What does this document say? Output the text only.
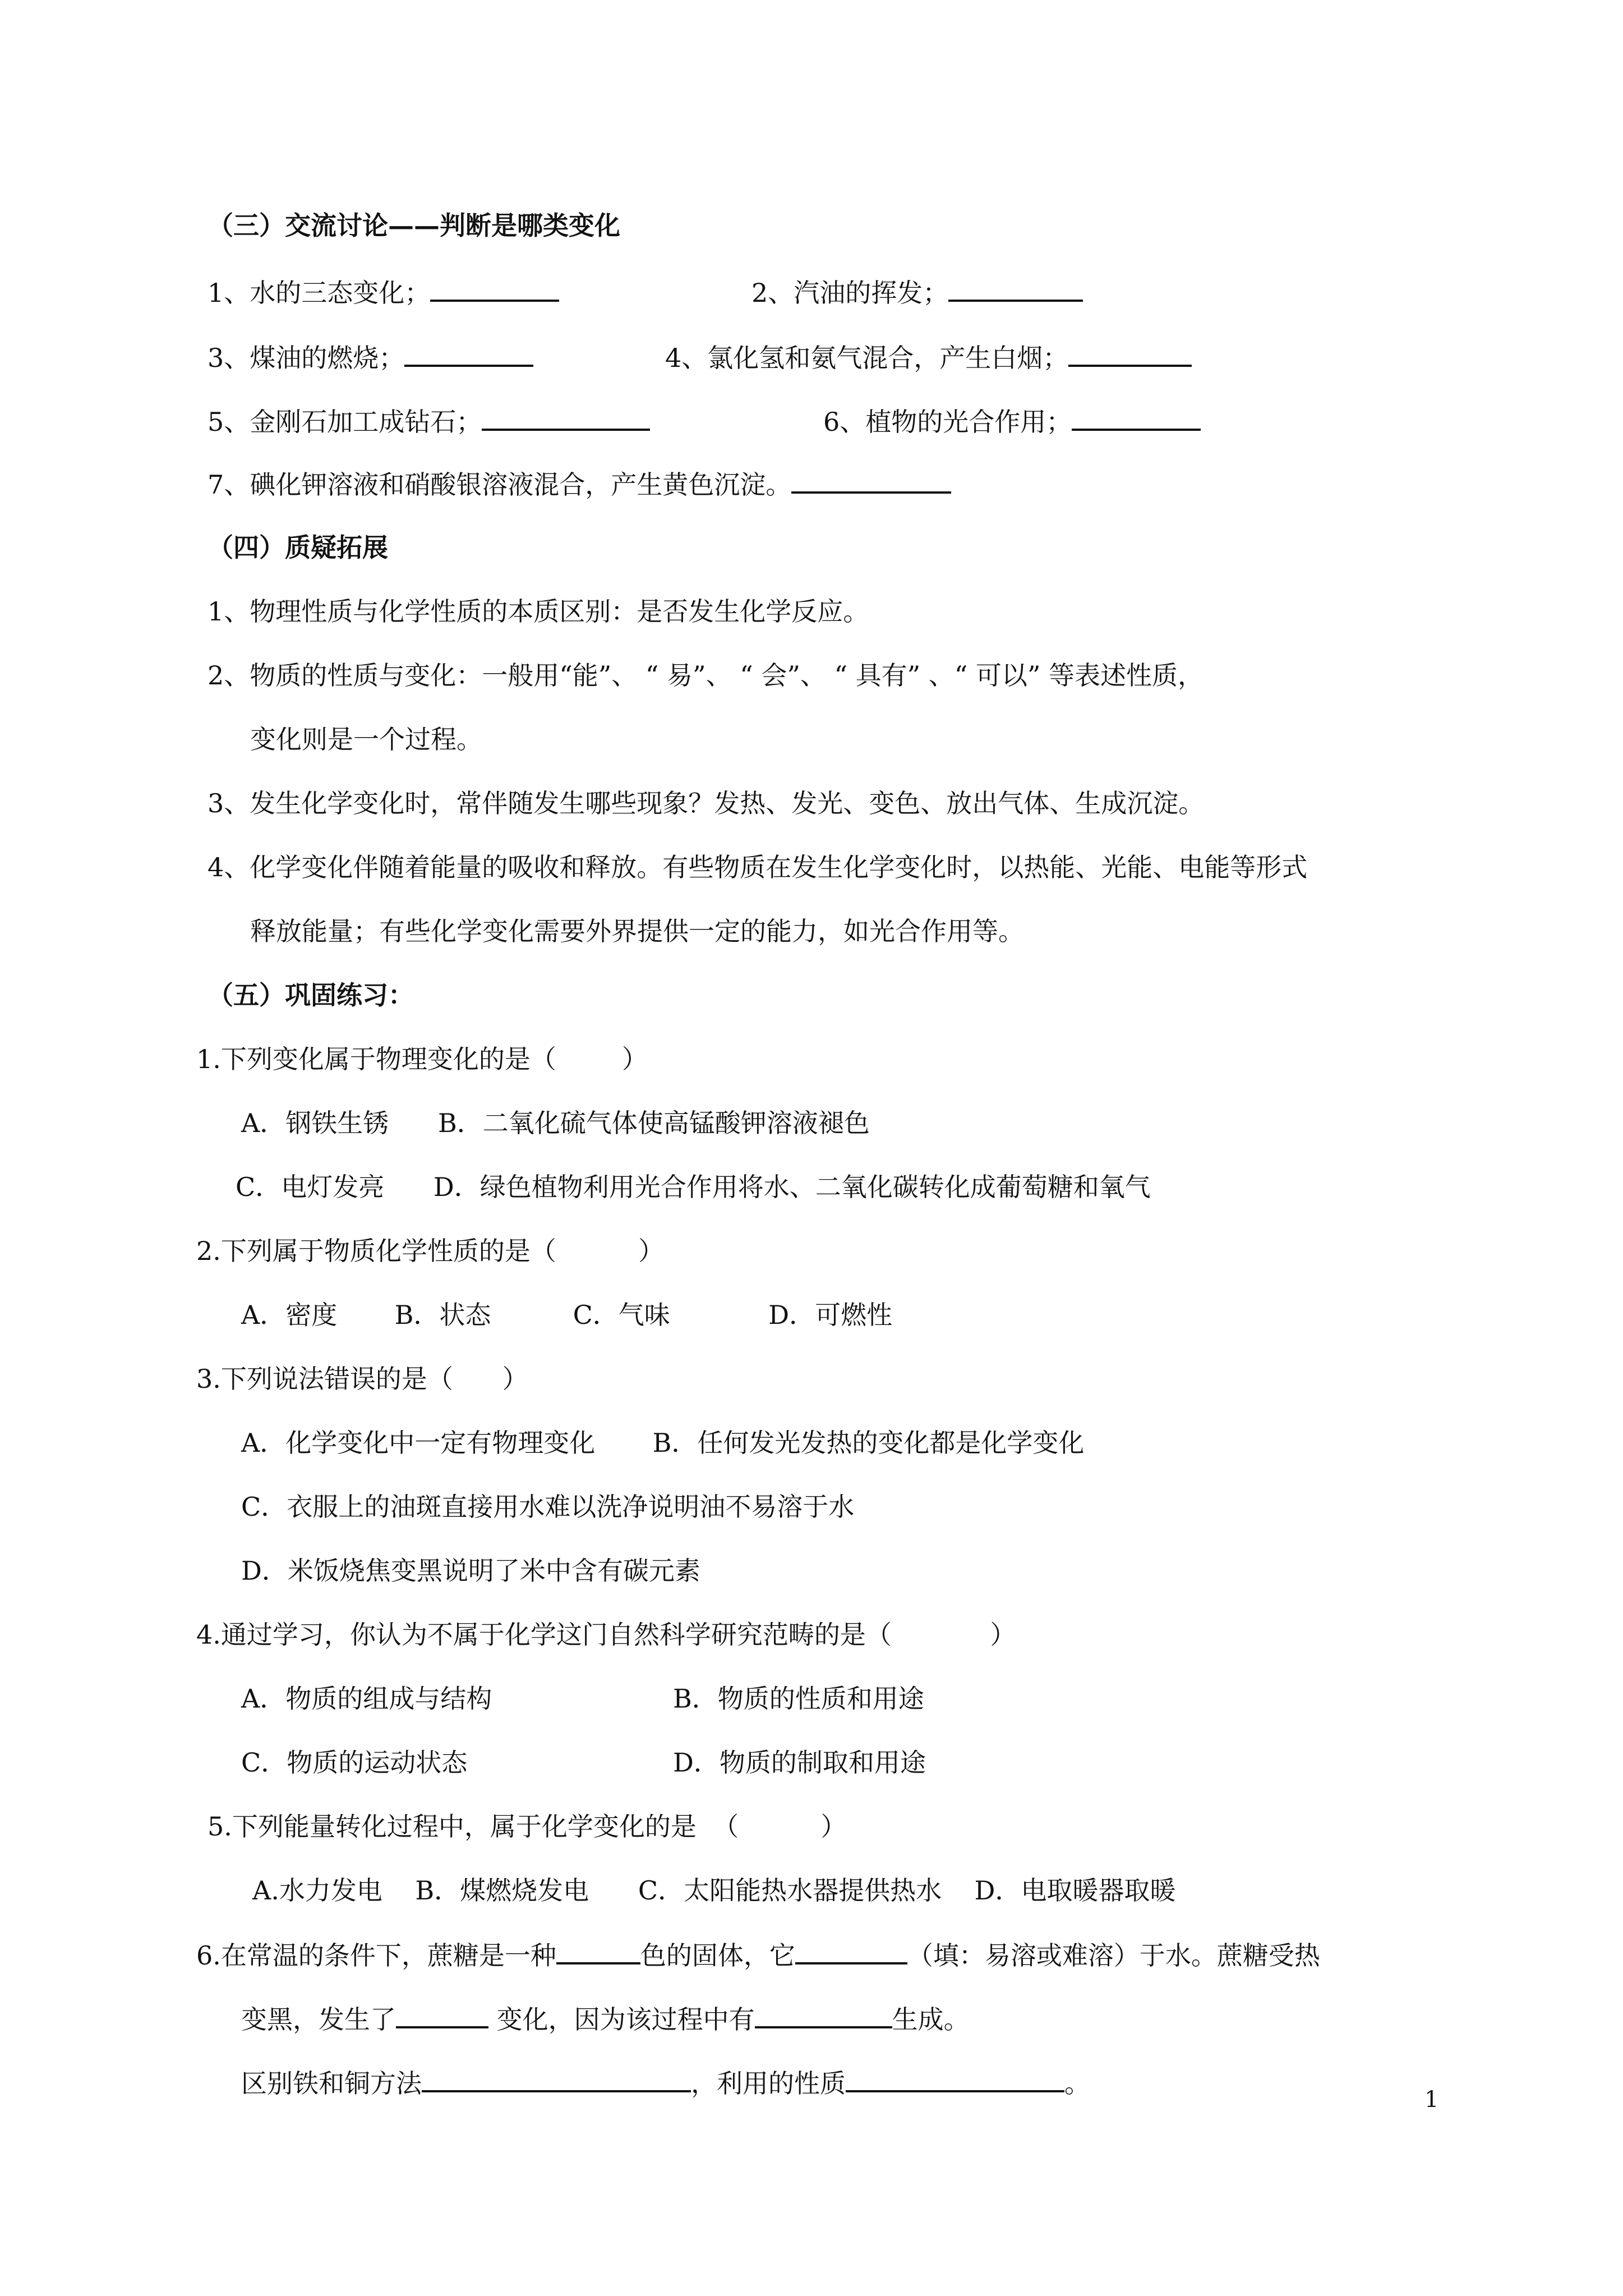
（三）交流讨论——判断是哪类变化
1、水的三态变化；	2、汽油的挥发；
3、煤油的燃烧；	4、氯化氢和氨气混合，产生白烟；
5、金刚石加工成钻石；	6、植物的光合作用；
7、碘化钾溶液和硝酸银溶液混合，产生黄色沉淀。
（四）质疑拓展
1、物理性质与化学性质的本质区别：是否发生化学反应。
2、物质的性质与变化：一般用“能”、 “ 易”、 “ 会”、 “ 具有” 、“ 可以” 等表述性质，
变化则是一个过程。
3、发生化学变化时，常伴随发生哪些现象？发热、发光、变色、放出气体、生成沉淀。
4、化学变化伴随着能量的吸收和释放。有些物质在发生化学变化时，以热能、光能、电能等形式
释放能量；有些化学变化需要外界提供一定的能力，如光合作用等。
（五）巩固练习：
1.下列变化属于物理变化的是（        ）
A．钢铁生锈      B．二氧化硫气体使高锰酸钾溶液褪色
C．电灯发亮      D．绿色植物利用光合作用将水、二氧化碳转化成葡萄糖和氧气
2.下列属于物质化学性质的是（          ）
A．密度       B．状态          C．气味            D．可燃性
3.下列说法错误的是（      ）
A．化学变化中一定有物理变化       B．任何发光发热的变化都是化学变化
C．衣服上的油斑直接用水难以洗净说明油不易溶于水
D．米饭烧焦变黑说明了米中含有碳元素
4.通过学习，你认为不属于化学这门自然科学研究范畴的是（            ）
A．物质的组成与结构	B．物质的性质和用途
C．物质的运动状态	D．物质的制取和用途
5.下列能量转化过程中，属于化学变化的是  （          ）
A.水力发电    B．煤燃烧发电      C．太阳能热水器提供热水    D．电取暖器取暖
6.在常温的条件下，蔗糖是一种	色的固体，它	（填：易溶或难溶）于水。蔗糖受热
变黑，发生了	变化，因为该过程中有	生成。
区别铁和铜方法	，利用的性质	。
1
